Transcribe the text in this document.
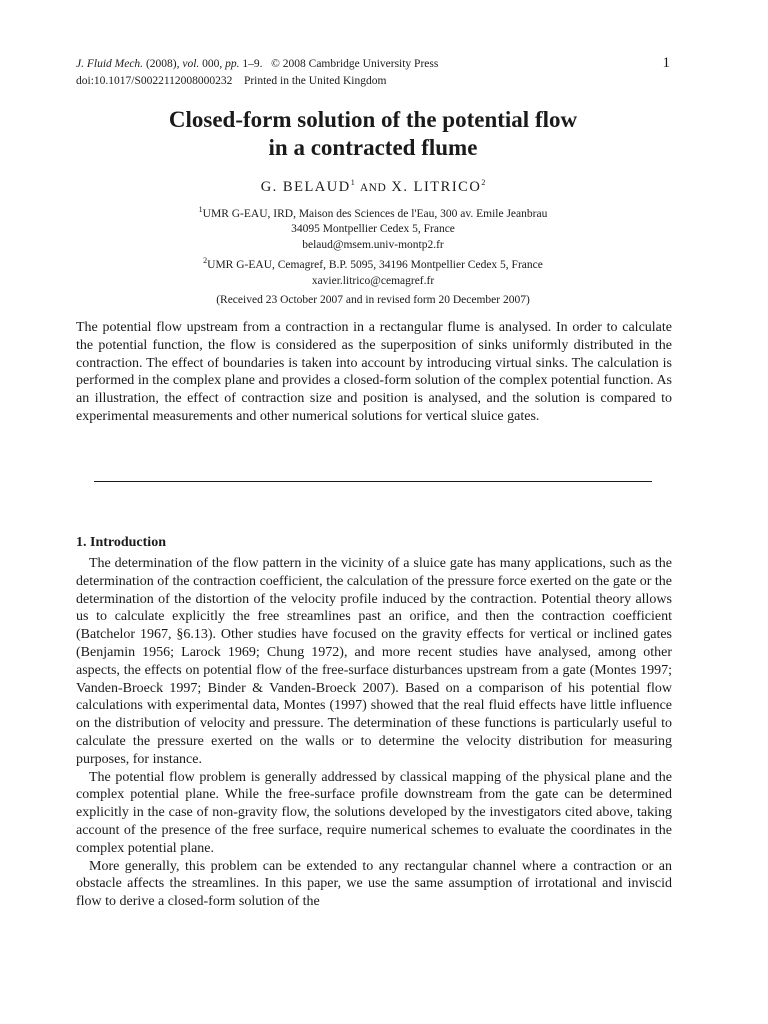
J. Fluid Mech. (2008), vol. 000, pp. 1–9. © 2008 Cambridge University Press
doi:10.1017/S0022112008000232 Printed in the United Kingdom
1
Closed-form solution of the potential flow
in a contracted flume
G. BELAUD$^1$ AND X. LITRICO$^2$
$^1$UMR G-EAU, IRD, Maison des Sciences de l'Eau, 300 av. Emile Jeanbrau
34095 Montpellier Cedex 5, France
belaud@msem.univ-montp2.fr
$^2$UMR G-EAU, Cemagref, B.P. 5095, 34196 Montpellier Cedex 5, France
xavier.litrico@cemagref.fr
(Received 23 October 2007 and in revised form 20 December 2007)
The potential flow upstream from a contraction in a rectangular flume is analysed. In order to calculate the potential function, the flow is considered as the superposition of sinks uniformly distributed in the contraction. The effect of boundaries is taken into account by introducing virtual sinks. The calculation is performed in the complex plane and provides a closed-form solution of the complex potential function. As an illustration, the effect of contraction size and position is analysed, and the solution is compared to experimental measurements and other numerical solutions for vertical sluice gates.
1. Introduction

The determination of the flow pattern in the vicinity of a sluice gate has many applications, such as the determination of the contraction coefficient, the calculation of the pressure force exerted on the gate or the determination of the distortion of the velocity profile induced by the contraction. Potential theory allows us to calculate explicitly the free streamlines past an orifice, and then the contraction coefficient (Batchelor 1967, §6.13). Other studies have focused on the gravity effects for vertical or inclined gates (Benjamin 1956; Larock 1969; Chung 1972), and more recent studies have analysed, among other aspects, the effects on potential flow of the free-surface disturbances upstream from a gate (Montes 1997; Vanden-Broeck 1997; Binder & Vanden-Broeck 2007). Based on a comparison of his potential flow calculations with experimental data, Montes (1997) showed that the real fluid effects have little influence on the distribution of velocity and pressure. The determination of these functions is particularly useful to calculate the pressure exerted on the walls or to determine the velocity distribution for measuring purposes, for instance.

The potential flow problem is generally addressed by classical mapping of the physical plane and the complex potential plane. While the free-surface profile downstream from the gate can be determined explicitly in the case of non-gravity flow, the solutions developed by the investigators cited above, taking account of the presence of the free surface, require numerical schemes to evaluate the coordinates in the complex potential plane.

More generally, this problem can be extended to any rectangular channel where a contraction or an obstacle affects the streamlines. In this paper, we use the same assumption of irrotational and inviscid flow to derive a closed-form solution of the
